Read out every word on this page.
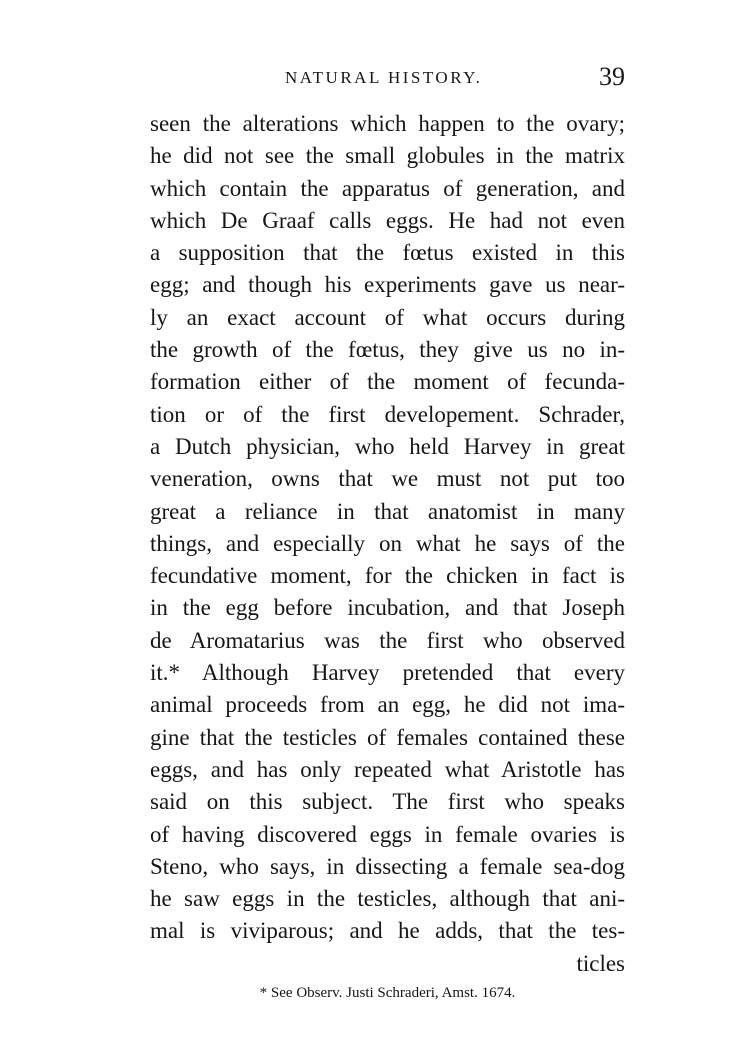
NATURAL HISTORY.	39
seen the alterations which happen to the ovary;
he did not see the small globules in the matrix
which contain the apparatus of generation, and
which De Graaf calls eggs. He had not even
a supposition that the fœtus existed in this
egg; and though his experiments gave us near-
ly an exact account of what occurs during
the growth of the fœtus, they give us no in-
formation either of the moment of fecunda-
tion or of the first developement. Schrader,
a Dutch physician, who held Harvey in great
veneration, owns that we must not put too
great a reliance in that anatomist in many
things, and especially on what he says of the
fecundative moment, for the chicken in fact is
in the egg before incubation, and that Joseph
de Aromatarius was the first who observed
it.* Although Harvey pretended that every
animal proceeds from an egg, he did not ima-
gine that the testicles of females contained these
eggs, and has only repeated what Aristotle has
said on this subject. The first who speaks
of having discovered eggs in female ovaries is
Steno, who says, in dissecting a female sea-dog
he saw eggs in the testicles, although that ani-
mal is viviparous; and he adds, that the tes-
ticles
* See Observ. Justi Schraderi, Amst. 1674.
